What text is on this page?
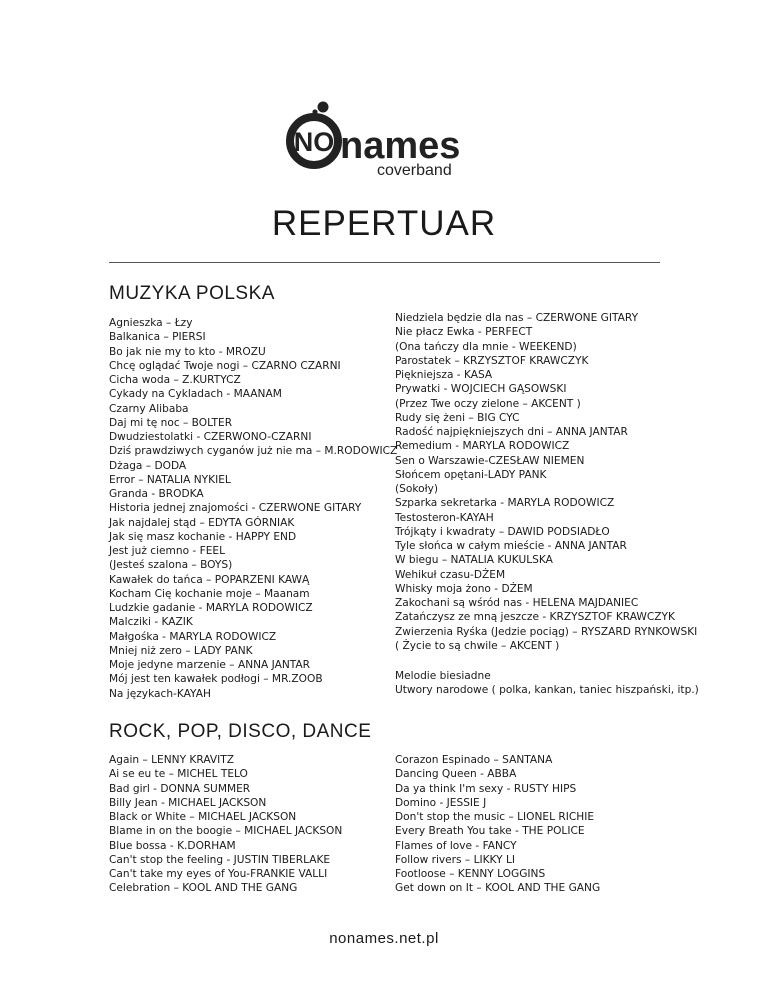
NO names
coverband
REPERTUAR
MUZYKA POLSKA
Agnieszka – Łzy
Balkanica – PIERSI
Bo jak nie my to kto - MROZU
Chcę oglądać Twoje nogi – CZARNO CZARNI
Cicha woda – Z.KURTYCZ
Cykady na Cykladach - MAANAM
Czarny Alibaba
Daj mi tę noc – BOLTER
Dwudziestolatki - CZERWONO-CZARNI
Dziś prawdziwych cyganów już nie ma – M.RODOWICZ
Dżaga – DODA
Error – NATALIA NYKIEL
Granda - BRODKA
Historia jednej znajomości - CZERWONE GITARY
Jak najdalej stąd – EDYTA GÓRNIAK
Jak się masz kochanie - HAPPY END
Jest już ciemno - FEEL
(Jesteś szalona – BOYS)
Kawałek do tańca – POPARZENI KAWĄ
Kocham Cię kochanie moje – Maanam
Ludzkie gadanie - MARYLA RODOWICZ
Malcziki - KAZIK
Małgośka - MARYLA RODOWICZ
Mniej niż zero – LADY PANK
Moje jedyne marzenie – ANNA JANTAR
Mój jest ten kawałek podłogi – MR.ZOOB
Na językach-KAYAH
Niedziela będzie dla nas – CZERWONE GITARY
Nie płacz Ewka - PERFECT
(Ona tańczy dla mnie - WEEKEND)
Parostatek – KRZYSZTOF KRAWCZYK
Piękniejsza - KASA
Prywatki - WOJCIECH GĄSOWSKI
(Przez Twe oczy zielone – AKCENT )
Rudy się żeni – BIG CYC
Radość najpiękniejszych dni – ANNA JANTAR
Remedium - MARYLA RODOWICZ
Sen o Warszawie-CZESŁAW NIEMEN
Słońcem opętani-LADY PANK
(Sokoły)
Szparka sekretarka - MARYLA RODOWICZ
Testosteron-KAYAH
Trójkąty i kwadraty – DAWID PODSIADŁO
Tyle słońca w całym mieście - ANNA JANTAR
W biegu – NATALIA KUKULSKA
Wehikuł czasu-DŻEM
Whisky moja żono - DŻEM
Zakochani są wśród nas - HELENA MAJDANIEC
Zatańczysz ze mną jeszcze - KRZYSZTOF KRAWCZYK
Zwierzenia Ryśka (Jedzie pociąg) – RYSZARD RYNKOWSKI
( Życie to są chwile – AKCENT )
Melodie biesiadne
Utwory narodowe ( polka, kankan, taniec hiszpański, itp.)
ROCK, POP, DISCO, DANCE
Again – LENNY KRAVITZ
Ai se eu te – MICHEL TELO
Bad girl - DONNA SUMMER
Billy Jean - MICHAEL JACKSON
Black or White – MICHAEL JACKSON
Blame in on the boogie – MICHAEL JACKSON
Blue bossa - K.DORHAM
Can't stop the feeling - JUSTIN TIBERLAKE
Can't take my eyes of You-FRANKIE VALLI
Celebration – KOOL AND THE GANG
Corazon Espinado – SANTANA
Dancing Queen - ABBA
Da ya think I'm sexy - RUSTY HIPS
Domino - JESSIE J
Don't stop the music – LIONEL RICHIE
Every Breath You take - THE POLICE
Flames of love - FANCY
Follow rivers – LIKKY LI
Footloose – KENNY LOGGINS
Get down on It – KOOL AND THE GANG
nonames.net.pl
